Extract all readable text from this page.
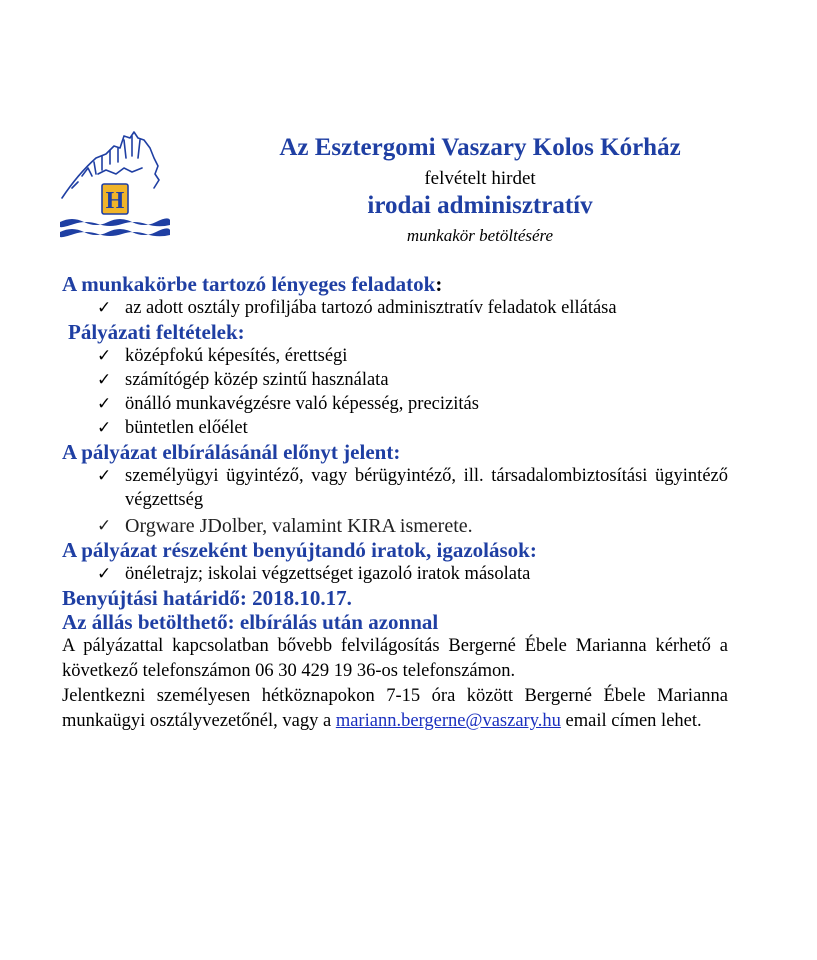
H
Az Esztergomi Vaszary Kolos Kórház
felvételt hirdet
irodai adminisztratív
munkakör betöltésére
A munkakörbe tartozó lényeges feladatok:
✓ az adott osztály profiljába tartozó adminisztratív feladatok ellátása
Pályázati feltételek:
✓ középfokú képesítés, érettségi
✓ számítógép közép szintű használata
✓ önálló munkavégzésre való képesség, precizitás
✓ büntetlen előélet
A pályázat elbírálásánál előnyt jelent:
✓ személyügyi ügyintéző, vagy bérügyintéző, ill. társadalombiztosítási ügyintéző végzettség
✓ Orgware JDolber, valamint KIRA ismerete.
A pályázat részeként benyújtandó iratok, igazolások:
✓ önéletrajz; iskolai végzettséget igazoló iratok másolata
Benyújtási határidő: 2018.10.17.
Az állás betölthető: elbírálás után azonnal
A pályázattal kapcsolatban bővebb felvilágosítás Bergerné Ébele Marianna kérhető a következő telefonszámon 06 30 429 19 36-os telefonszámon.
Jelentkezni személyesen hétköznapokon 7-15 óra között Bergerné Ébele Marianna munkaügyi osztályvezetőnél, vagy a mariann.bergerne@vaszary.hu email címen lehet.
